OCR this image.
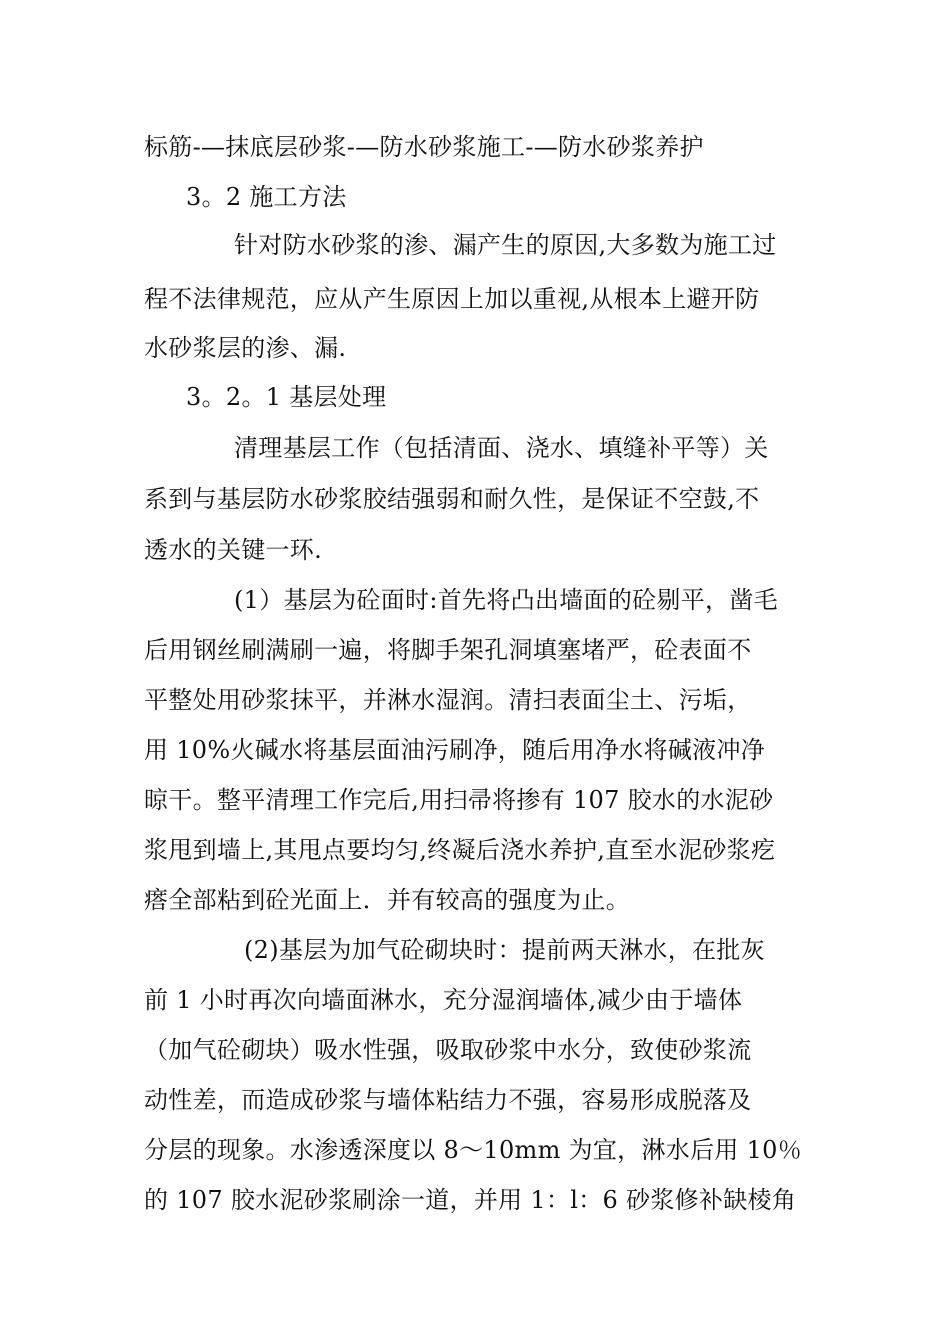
标筋-—抹底层砂浆-—防水砂浆施工-—防水砂浆养护
3。2 施工方法
针对防水砂浆的渗、漏产生的原因,大多数为施工过
程不法律规范，应从产生原因上加以重视,从根本上避开防
水砂浆层的渗、漏.
3。2。1 基层处理
清理基层工作（包括清面、浇水、填缝补平等）关
系到与基层防水砂浆胶结强弱和耐久性，是保证不空鼓,不
透水的关键一环.
(1）基层为砼面时:首先将凸出墙面的砼剔平，凿毛
后用钢丝刷满刷一遍，将脚手架孔洞填塞堵严，砼表面不
平整处用砂浆抹平，并淋水湿润。清扫表面尘土、污垢，
用 10%火碱水将基层面油污刷净，随后用净水将碱液冲净
晾干。整平清理工作完后,用扫帚将掺有 107 胶水的水泥砂
浆甩到墙上,其甩点要均匀,终凝后浇水养护,直至水泥砂浆疙
瘩全部粘到砼光面上．并有较高的强度为止。
(2)基层为加气砼砌块时：提前两天淋水，在批灰
前 1 小时再次向墙面淋水，充分湿润墙体,减少由于墙体
（加气砼砌块）吸水性强，吸取砂浆中水分，致使砂浆流
动性差，而造成砂浆与墙体粘结力不强，容易形成脱落及
分层的现象。水渗透深度以 8～10mm 为宜，淋水后用 10％
的 107 胶水泥砂浆刷涂一道，并用 1：l：6 砂浆修补缺棱角
